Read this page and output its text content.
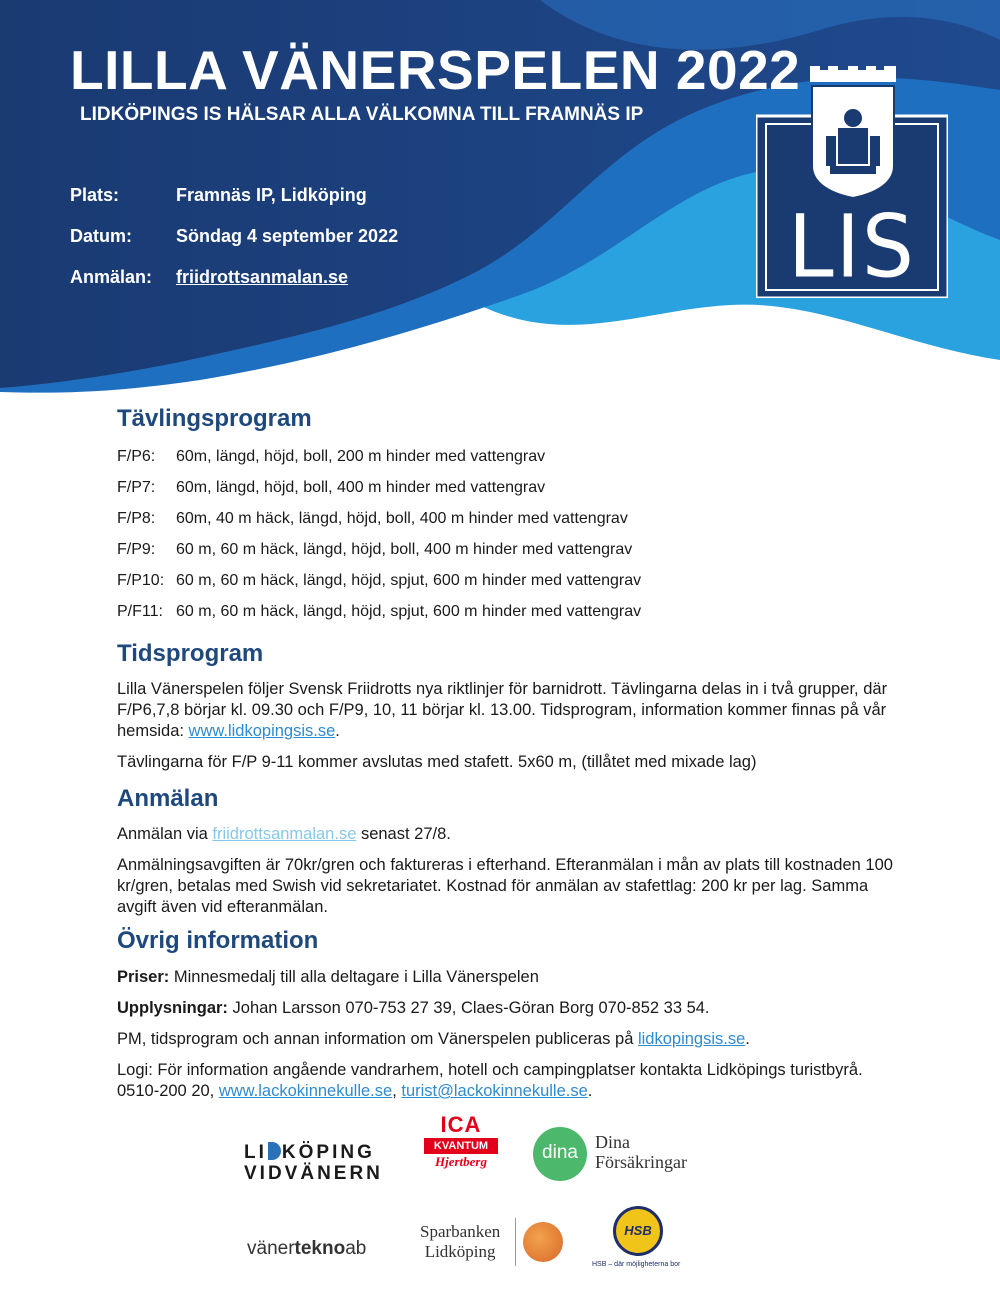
LILLA VÄNERSPELEN 2022
LIDKÖPINGS IS HÄLSAR ALLA VÄLKOMNA TILL FRAMNÄS IP
Plats:	Framnäs IP, Lidköping
Datum: Söndag 4 september 2022
Anmälan: friidrottsanmalan.se	LIS
Tävlingsprogram
F/P6:	60m, längd, höjd, boll, 200 m hinder med vattengrav
F/P7:	60m, längd, höjd, boll, 400 m hinder med vattengrav
F/P8:	60m, 40 m häck, längd, höjd, boll, 400 m hinder med vattengrav
F/P9:	60 m, 60 m häck, längd, höjd, boll, 400 m hinder med vattengrav
F/P10: 60 m, 60 m häck, längd, höjd, spjut, 600 m hinder med vattengrav
P/F11: 60 m, 60 m häck, längd, höjd, spjut, 600 m hinder med vattengrav
Tidsprogram

Lilla Vänerspelen följer Svensk Friidrotts nya riktlinjer för barnidrott. Tävlingarna delas in i två grupper, där F/P6,7,8 börjar kl. 09.30 och F/P9, 10, 11 börjar kl. 13.00. Tidsprogram, information kommer finnas på vår hemsida: www.lidkopingsis.se.

Tävlingarna för F/P 9-11 kommer avslutas med stafett. 5x60 m, (tillåtet med mixade lag)

Anmälan

Anmälan via friidrottsanmalan.se senast 27/8.

Anmälningsavgiften är 70kr/gren och faktureras i efterhand. Efteranmälan i mån av plats till kostnaden 100 kr/gren, betalas med Swish vid sekretariatet. Kostnad för anmälan av stafettlag: 200 kr per lag. Samma avgift även vid efteranmälan.

Övrig information

Priser: Minnesmedalj till alla deltagare i Lilla Vänerspelen

Upplysningar: Johan Larsson 070-753 27 39, Claes-Göran Borg 070-852 33 54.

PM, tidsprogram och annan information om Vänerspelen publiceras på lidkopingsis.se.

Logi: För information angående vandrarhem, hotell och campingplatser kontakta Lidköpings turistbyrå. 0510-200 20, www.lackokinnekulle.se, turist@lackokinnekulle.se.

LI KÖPING
VIDVÄNERN
ICA
KVANTUM
Hjertberg	dina Dina
Försäkringar
vänerteknoab
Sparbanken
Lidköping
HSB
HSB – där möjligheterna bor
